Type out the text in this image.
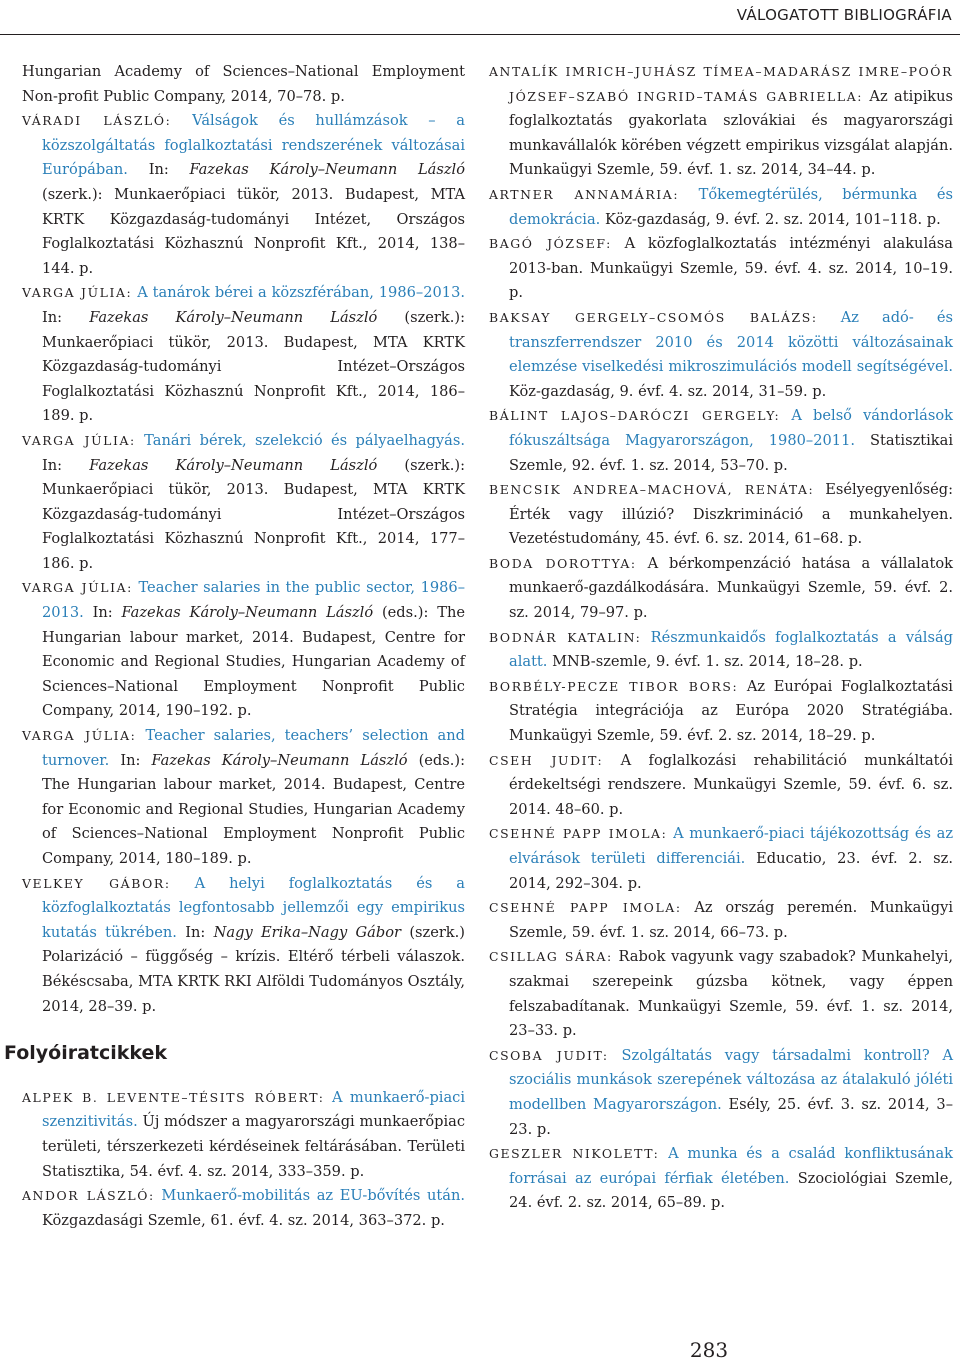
VÁLOGATOTT BIBLIOGRÁFIA

Hungarian Academy of Sciences–National Employment Non-profit Public Company, 2014, 70–78. p.

VÁRADI LÁSZLÓ: Válságok és hullámzások – a közszolgáltatás foglalkoztatási rendszerének változásai Európában. In: Fazekas Károly–Neumann László (szerk.): Munkaerőpiaci tükör, 2013. Budapest, MTA KRTK Közgazdaság-tudományi Intézet, Országos Foglalkoztatási Közhasznú Nonprofit Kft., 2014, 138–144. p.

VARGA JÚLIA: A tanárok bérei a közszférában, 1986–2013. In: Fazekas Károly–Neumann László (szerk.): Munkaerőpiaci tükör, 2013. Budapest, MTA KRTK Közgazdaság-tudományi Intézet–Országos Foglalkoztatási Közhasznú Nonprofit Kft., 2014, 186–189. p.

VARGA JÚLIA: Tanári bérek, szelekció és pályaelhagyás. In: Fazekas Károly–Neumann László (szerk.): Munkaerőpiaci tükör, 2013. Budapest, MTA KRTK Közgazdaság-tudományi Intézet–Országos Foglalkoztatási Közhasznú Nonprofit Kft., 2014, 177–186. p.

VARGA JÚLIA: Teacher salaries in the public sector, 1986–2013. In: Fazekas Károly–Neumann László (eds.): The Hungarian labour market, 2014. Budapest, Centre for Economic and Regional Studies, Hungarian Academy of Sciences–National Employment Nonprofit Public Company, 2014, 190–192. p.

VARGA JÚLIA: Teacher salaries, teachers’ selection and turnover. In: Fazekas Károly–Neumann László (eds.): The Hungarian labour market, 2014. Budapest, Centre for Economic and Regional Studies, Hungarian Academy of Sciences–National Employment Nonprofit Public Company, 2014, 180–189. p.

VELKEY GÁBOR: A helyi foglalkoztatás és a közfoglalkoztatás legfontosabb jellemzői egy empirikus kutatás tükrében. In: Nagy Erika–Nagy Gábor (szerk.) Polarizáció – függőség – krízis. Eltérő térbeli válaszok. Békéscsaba, MTA KRTK RKI Alföldi Tudományos Osztály, 2014, 28–39. p.

Folyóiratcikkek

ALPEK B. LEVENTE–TÉSITS RÓBERT: A munkaerő-piaci szenzitivitás. Új módszer a magyarországi munkaerőpiac területi, térszerkezeti kérdéseinek feltárásában. Területi Statisztika, 54. évf. 4. sz. 2014, 333–359. p.

ANDOR LÁSZLÓ: Munkaerő-mobilitás az EU-bővítés után. Közgazdasági Szemle, 61. évf. 4. sz. 2014, 363–372. p.

ANTALÍK IMRICH–JUHÁSZ TÍMEA–MADARÁSZ IMRE–POÓR JÓZSEF–SZABÓ INGRID–TAMÁS GABRIELLA: Az atipikus foglalkoztatás gyakorlata szlovákiai és magyarországi munkavállalók körében végzett empirikus vizsgálat alapján. Munkaügyi Szemle, 59. évf. 1. sz. 2014, 34–44. p.

ARTNER ANNAMÁRIA: Tőkemegtérülés, bérmunka és demokrácia. Köz-gazdaság, 9. évf. 2. sz. 2014, 101–118. p.

BAGÓ JÓZSEF: A közfoglalkoztatás intézményi alakulása 2013-ban. Munkaügyi Szemle, 59. évf. 4. sz. 2014, 10–19. p.

BAKSAY GERGELY–CSOMÓS BALÁZS: Az adó- és transzferrendszer 2010 és 2014 közötti változásainak elemzése viselkedési mikroszimulációs modell segítségével. Köz-gazdaság, 9. évf. 4. sz. 2014, 31–59. p.

BÁLINT LAJOS–DARÓCZI GERGELY: A belső vándorlások fókuszáltsága Magyarországon, 1980–2011. Statisztikai Szemle, 92. évf. 1. sz. 2014, 53–70. p.

BENCSIK ANDREA–MACHOVÁ, RENÁTA: Esélyegyenlőség: Érték vagy illúzió? Diszkrimináció a munkahelyen. Vezetéstudomány, 45. évf. 6. sz. 2014, 61–68. p.

BODA DOROTTYA: A bérkompenzáció hatása a vállalatok munkaerő-gazdálkodására. Munkaügyi Szemle, 59. évf. 2. sz. 2014, 79–97. p.

BODNÁR KATALIN: Részmunkaidős foglalkoztatás a válság alatt. MNB-szemle, 9. évf. 1. sz. 2014, 18–28. p.

BORBÉLY-PECZE TIBOR BORS: Az Európai Foglalkoztatási Stratégia integrációja az Európa 2020 Stratégiába. Munkaügyi Szemle, 59. évf. 2. sz. 2014, 18–29. p.

CSEH JUDIT: A foglalkozási rehabilitáció munkáltatói érdekeltségi rendszere. Munkaügyi Szemle, 59. évf. 6. sz. 2014. 48–60. p.

CSEHNÉ PAPP IMOLA: A munkaerő-piaci tájékozottság és az elvárások területi differenciái. Educatio, 23. évf. 2. sz. 2014, 292–304. p.

CSEHNÉ PAPP IMOLA: Az ország peremén. Munkaügyi Szemle, 59. évf. 1. sz. 2014, 66–73. p.

CSILLAG SÁRA: Rabok vagyunk vagy szabadok? Munkahelyi, szakmai szerepeink gúzsba kötnek, vagy éppen felszabadítanak. Munkaügyi Szemle, 59. évf. 1. sz. 2014, 23–33. p.

CSOBA JUDIT: Szolgáltatás vagy társadalmi kontroll? A szociális munkások szerepének változása az átalakuló jóléti modellben Magyarországon. Esély, 25. évf. 3. sz. 2014, 3–23. p.

GESZLER NIKOLETT: A munka és a család konfliktusának forrásai az európai férfiak életében. Szociológiai Szemle, 24. évf. 2. sz. 2014, 65–89. p.

283
